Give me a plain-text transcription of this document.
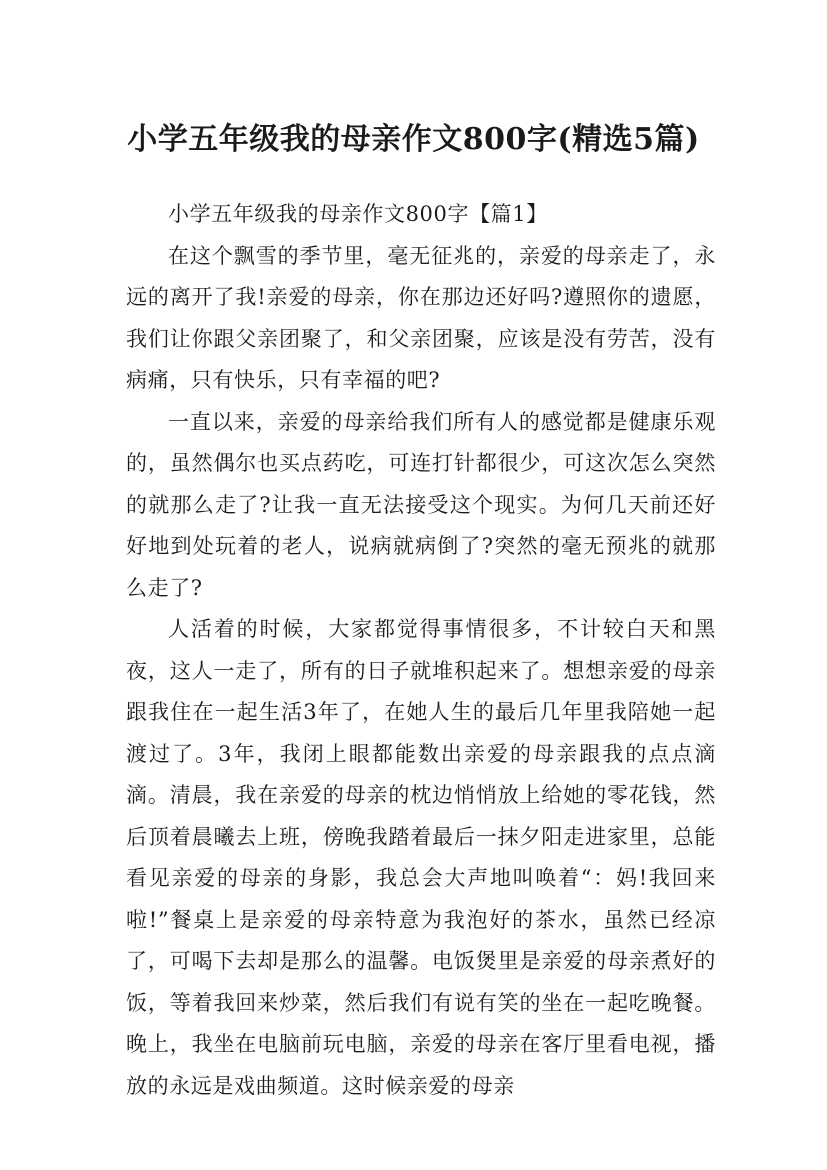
小学五年级我的母亲作文800字(精选5篇)

小学五年级我的母亲作文800字【篇1】

在这个飘雪的季节里，毫无征兆的，亲爱的母亲走了，永远的离开了我!亲爱的母亲，你在那边还好吗?遵照你的遗愿，我们让你跟父亲团聚了，和父亲团聚，应该是没有劳苦，没有病痛，只有快乐，只有幸福的吧?

一直以来，亲爱的母亲给我们所有人的感觉都是健康乐观的，虽然偶尔也买点药吃，可连打针都很少，可这次怎么突然的就那么走了?让我一直无法接受这个现实。为何几天前还好好地到处玩着的老人，说病就病倒了?突然的毫无预兆的就那么走了?

人活着的时候，大家都觉得事情很多，不计较白天和黑夜，这人一走了，所有的日子就堆积起来了。想想亲爱的母亲跟我住在一起生活3年了，在她人生的最后几年里我陪她一起渡过了。3年，我闭上眼都能数出亲爱的母亲跟我的点点滴滴。清晨，我在亲爱的母亲的枕边悄悄放上给她的零花钱，然后顶着晨曦去上班，傍晚我踏着最后一抹夕阳走进家里，总能看见亲爱的母亲的身影，我总会大声地叫唤着“：妈!我回来啦!”餐桌上是亲爱的母亲特意为我泡好的茶水，虽然已经凉了，可喝下去却是那么的温馨。电饭煲里是亲爱的母亲煮好的饭，等着我回来炒菜，然后我们有说有笑的坐在一起吃晚餐。晚上，我坐在电脑前玩电脑，亲爱的母亲在客厅里看电视，播放的永远是戏曲频道。这时候亲爱的母亲
